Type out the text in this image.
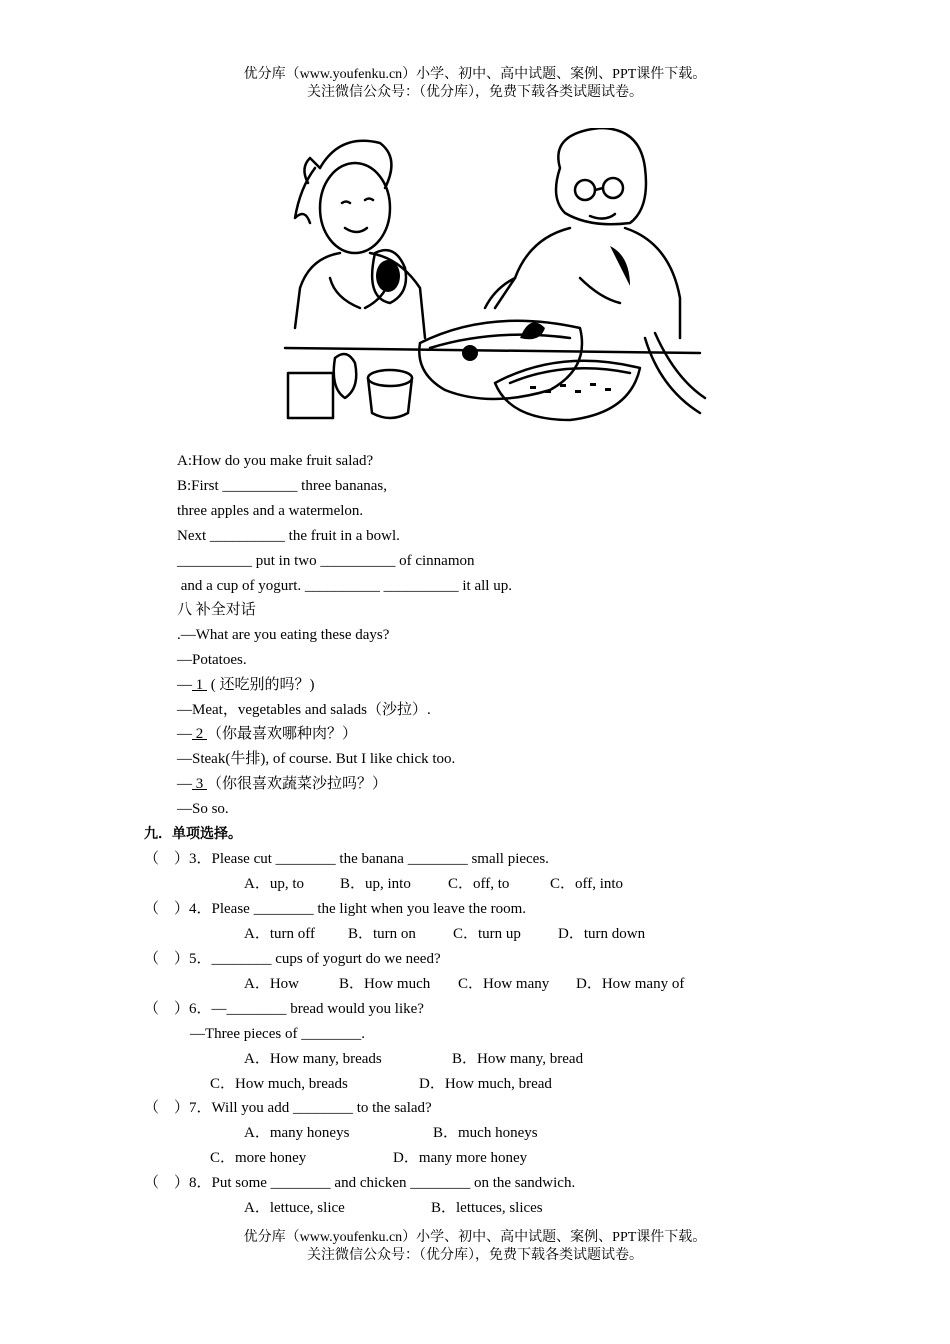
优分库（www.youfenku.cn）小学、初中、高中试题、案例、PPT课件下载。
关注微信公众号：（优分库），免费下载各类试题试卷。
A:How do you make fruit salad?
B:First __________ three bananas,
three apples and a watermelon.
Next __________ the fruit in a bowl.
__________ put in two __________ of cinnamon
and a cup of yogurt. __________ __________ it all up.
八 补全对话
.—What are you eating these days?
—Potatoes.
— 1  ( 还吃别的吗？)
—Meat，vegetables and salads（沙拉）.
— 2 （你最喜欢哪种肉？）
—Steak(牛排), of course. But I like chick too.
— 3 （你很喜欢蔬菜沙拉吗？）
—So so.
九．单项选择。
（　）3．Please cut ________ the banana ________ small pieces.
A．up, to B．up, into C．off, to	C．off, into
（　）4．Please ________ the light when you leave the room.
A．turn off B．turn on C．turn up D．turn down
（　）5．________ cups of yogurt do we need?
A．How	B．How much C．How many D．How many of
（　）6．—________ bread would you like?
—Three pieces of ________.
A．How many, breads	B．How many, bread
C．How much, breads	D．How much, bread
（　）7．Will you add ________ to the salad?
A．many honeys	B．much honeys
C．more honey	D．many more honey
（　）8．Put some ________ and chicken ________ on the sandwich.
A．lettuce, slice	B．lettuces, slices
优分库（www.youfenku.cn）小学、初中、高中试题、案例、PPT课件下载。
关注微信公众号：（优分库），免费下载各类试题试卷。
